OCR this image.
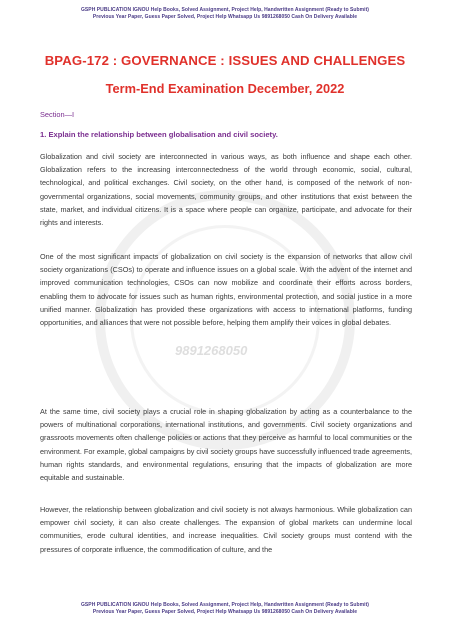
GSPH PUBLICATION IGNOU Help Books, Solved Assignment, Project Help, Handwritten Assignment (Ready to Submit)
Previous Year Paper, Guess Paper Solved, Project Help Whatsapp Us 9891268050 Cash On Delivery Available
9891268050
BPAG-172 : GOVERNANCE : ISSUES AND CHALLENGES
Term-End Examination December, 2022
Section—I
1. Explain the relationship between globalisation and civil society.
Globalization and civil society are interconnected in various ways, as both influence and shape each other. Globalization refers to the increasing interconnectedness of the world through economic, social, cultural, technological, and political exchanges. Civil society, on the other hand, is composed of the network of non-governmental organizations, social movements, community groups, and other institutions that exist between the state, market, and individual citizens. It is a space where people can organize, participate, and advocate for their rights and interests.
One of the most significant impacts of globalization on civil society is the expansion of networks that allow civil society organizations (CSOs) to operate and influence issues on a global scale. With the advent of the internet and improved communication technologies, CSOs can now mobilize and coordinate their efforts across borders, enabling them to advocate for issues such as human rights, environmental protection, and social justice in a more unified manner. Globalization has provided these organizations with access to international platforms, funding opportunities, and alliances that were not possible before, helping them amplify their voices in global debates.
At the same time, civil society plays a crucial role in shaping globalization by acting as a counterbalance to the powers of multinational corporations, international institutions, and governments. Civil society organizations and grassroots movements often challenge policies or actions that they perceive as harmful to local communities or the environment. For example, global campaigns by civil society groups have successfully influenced trade agreements, human rights standards, and environmental regulations, ensuring that the impacts of globalization are more equitable and sustainable.
However, the relationship between globalization and civil society is not always harmonious. While globalization can empower civil society, it can also create challenges. The expansion of global markets can undermine local communities, erode cultural identities, and increase inequalities. Civil society groups must contend with the pressures of corporate influence, the commodification of culture, and the
GSPH PUBLICATION IGNOU Help Books, Solved Assignment, Project Help, Handwritten Assignment (Ready to Submit)
Previous Year Paper, Guess Paper Solved, Project Help Whatsapp Us 9891268050 Cash On Delivery Available
